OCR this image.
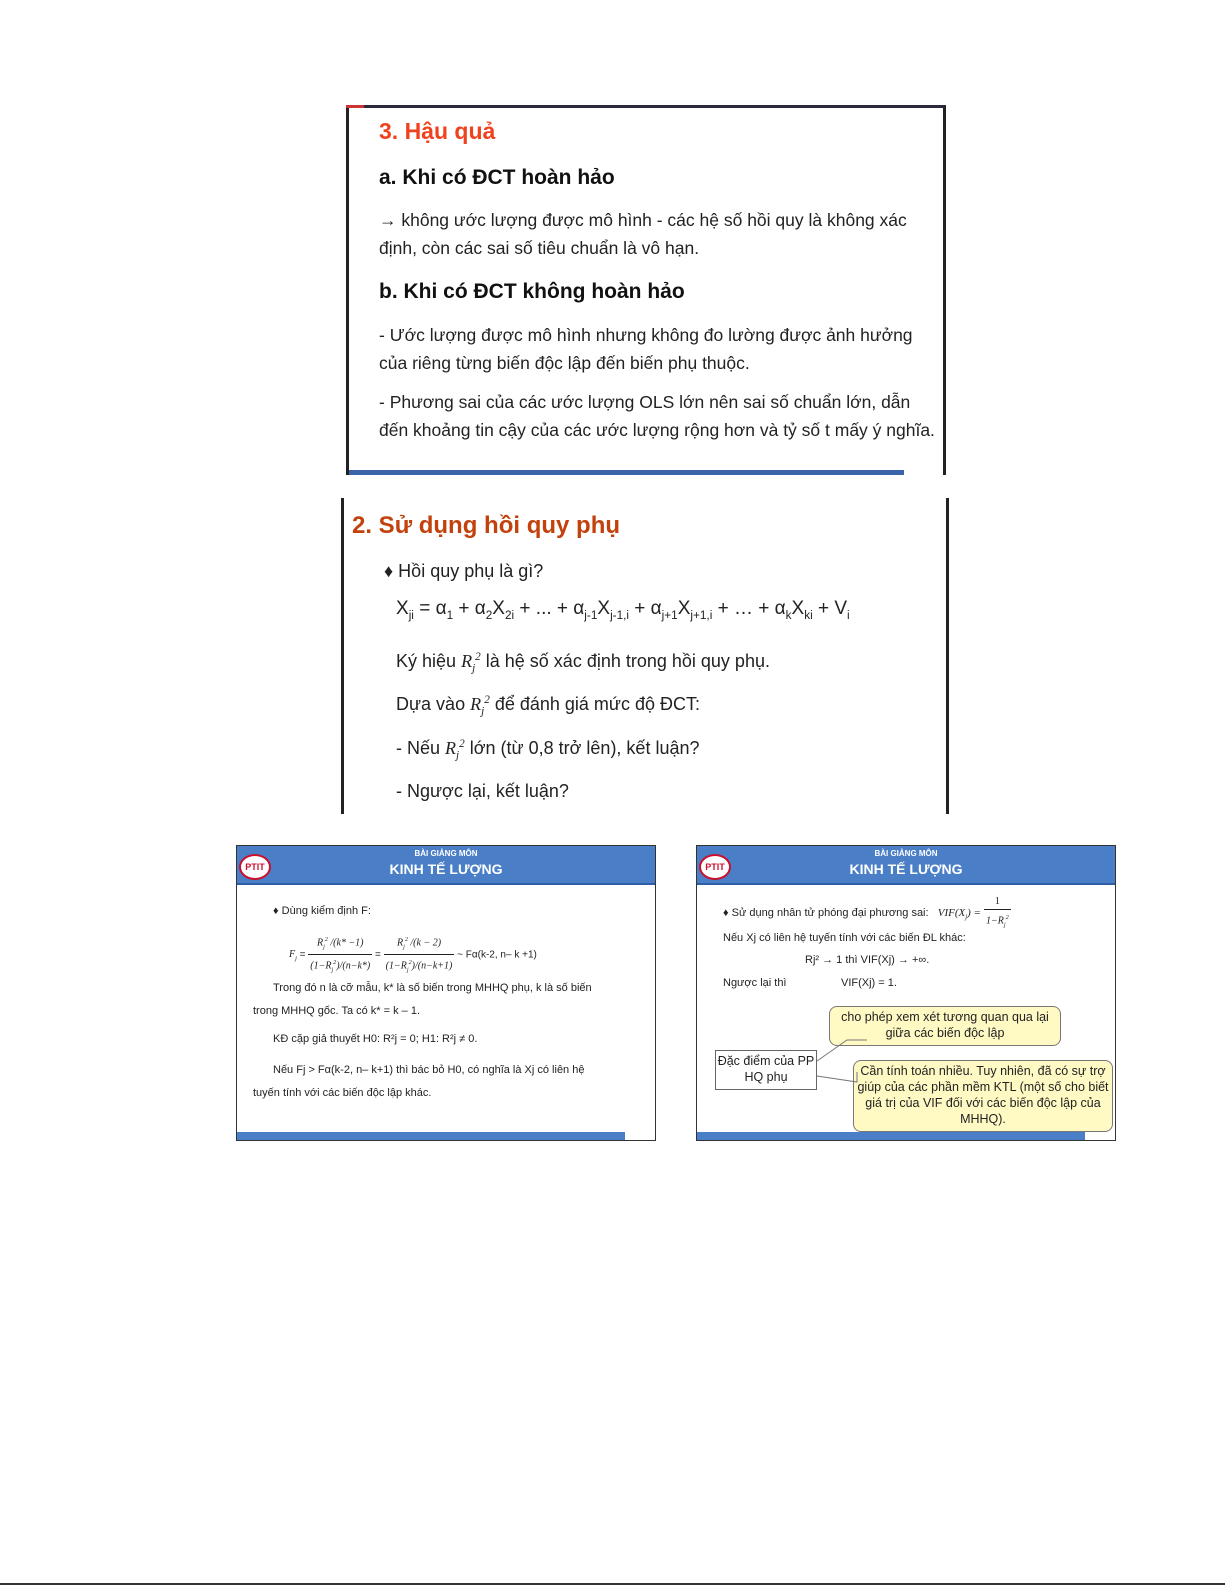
3. Hậu quả
a. Khi có ĐCT hoàn hảo
→ không ước lượng được mô hình - các hệ số hồi quy là không xác định, còn các sai số tiêu chuẩn là vô hạn.
b. Khi có ĐCT không hoàn hảo
- Ước lượng được mô hình nhưng không đo lường được ảnh hưởng của riêng từng biến độc lập đến biến phụ thuộc.
- Phương sai của các ước lượng OLS lớn nên sai số chuẩn lớn, dẫn đến khoảng tin cậy của các ước lượng rộng hơn và tỷ số t mấy ý nghĩa.
2. Sử dụng hồi quy phụ
♦ Hồi quy phụ là gì?
$X_{ji} = \alpha_1 + \alpha_2X_{2i}$ + ... + $\alpha_{j-1}X_{j-1,i} + \alpha_{j+1}X_{j+1,i}$ + … + $\alpha_kX_{ki} + V_i$
Ký hiệu $R_j^2$ là hệ số xác định trong hồi quy phụ.
Dựa vào $R_j^2$ để đánh giá mức độ ĐCT:
- Nếu $R_j^2$ lớn (từ 0,8 trở lên), kết luận?
- Ngược lại, kết luận?
BÀI GIẢNG MÔN
KINH TẾ LƯỢNG
PTIT
♦ Dùng kiểm định F:
$F_j = \frac{R_j^2 /(k* -1)}{(1-R_j^2)/(n-k*)} = \frac{R_j^2 /(k - 2)}{(1-R_j^2)/(n-k+1)}$ ~ Fα(k-2, n– k +1)
Trong đó n là cỡ mẫu, k* là số biến trong MHHQ phụ, k là số biến
trong MHHQ gốc. Ta có k* = k – 1.
KĐ cặp giả thuyết H0: R²j = 0; H1: R²j ≠ 0.
Nếu Fj > Fα(k-2, n– k+1) thì bác bỏ H0, có nghĩa là Xj có liên hệ
tuyến tính với các biến độc lập khác.
BÀI GIẢNG MÔN
KINH TẾ LƯỢNG
PTIT
♦ Sử dụng nhân tử phóng đại phương sai: $VIF(X_j) = \frac{1}{1-R_j^2}$
Nếu Xj có liên hệ tuyến tính với các biến ĐL khác:
Rj² → 1 thì VIF(Xj) → +∞.
Ngược lại thì	VIF(Xj) = 1.
cho phép xem xét tương quan qua lại giữa các biến độc lập
Đặc điểm của PP HQ phụ	Cần tính toán nhiều. Tuy nhiên, đã có sự trợ giúp của các phần mềm KTL (một số cho biết giá trị của VIF đối với các biến độc lập của MHHQ).
